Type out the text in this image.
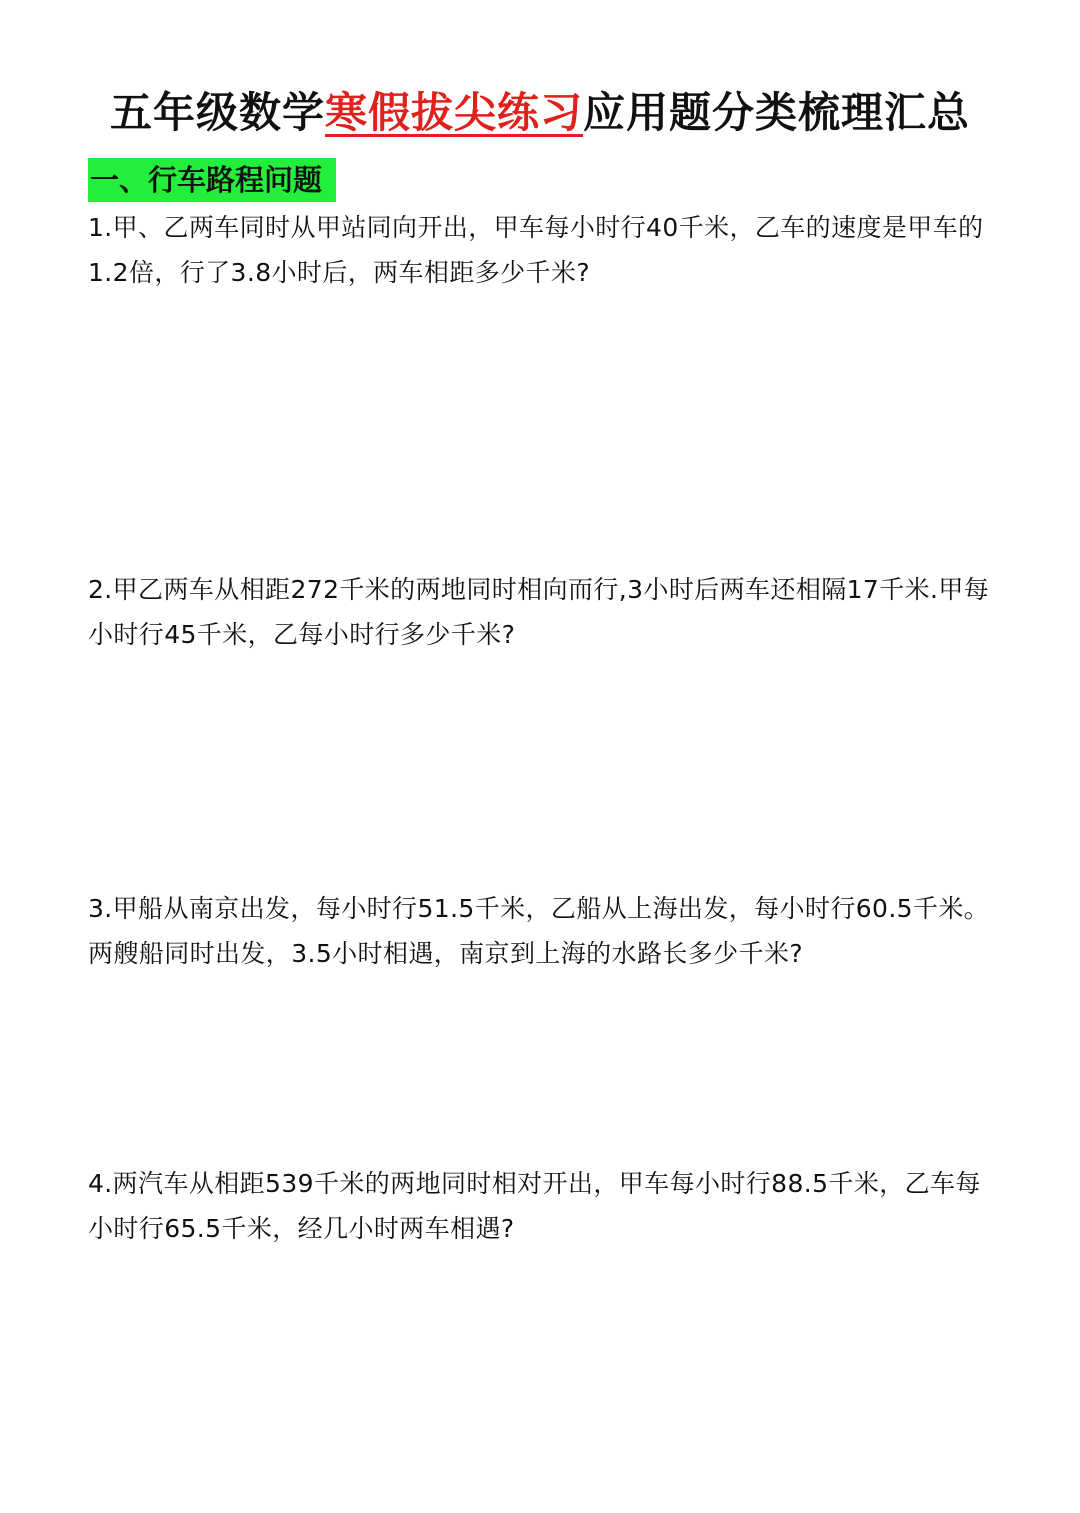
五年级数学寒假拔尖练习应用题分类梳理汇总
一、行车路程问题
1.甲、乙两车同时从甲站同向开出，甲车每小时行40千米，乙车的速度是甲车的1.2倍，行了3.8小时后，两车相距多少千米?
2.甲乙两车从相距272千米的两地同时相向而行,3小时后两车还相隔17千米.甲每小时行45千米，乙每小时行多少千米?
3.甲船从南京出发，每小时行51.5千米，乙船从上海出发，每小时行60.5千米。两艘船同时出发，3.5小时相遇，南京到上海的水路长多少千米?
4.两汽车从相距539千米的两地同时相对开出，甲车每小时行88.5千米，乙车每小时行65.5千米，经几小时两车相遇?
